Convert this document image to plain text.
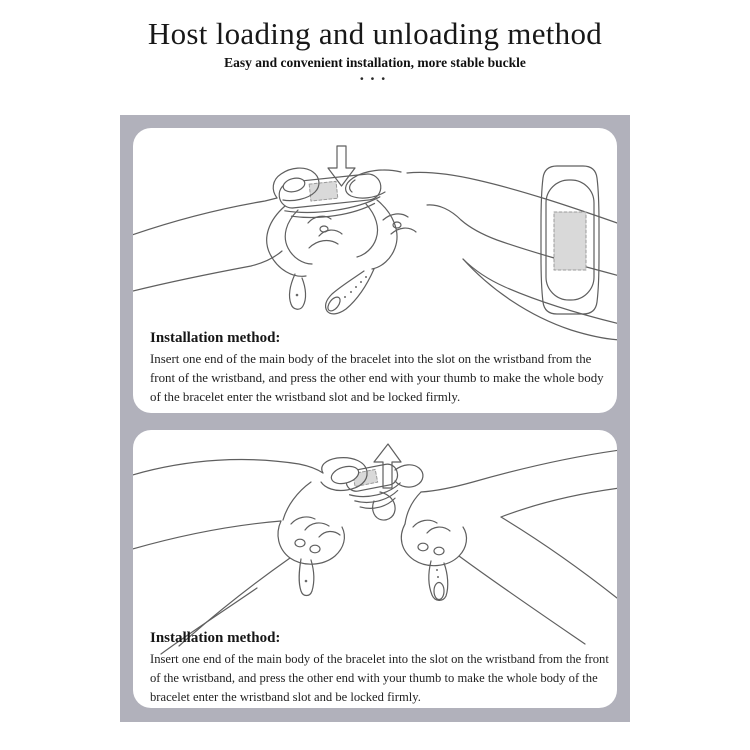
Host loading and unloading method
Easy and convenient installation, more stable buckle
···
Installation method:
Insert one end of the main body of the bracelet into the slot on the wristband from the
front of the wristband, and press the other end with your thumb to make the whole body
of the bracelet enter the wristband slot and be locked firmly.
Installation method:
Insert one end of the main body of the bracelet into the slot on the wristband from the front
of the wristband, and press the other end with your thumb to make the whole body of the
bracelet enter the wristband slot and be locked firmly.
